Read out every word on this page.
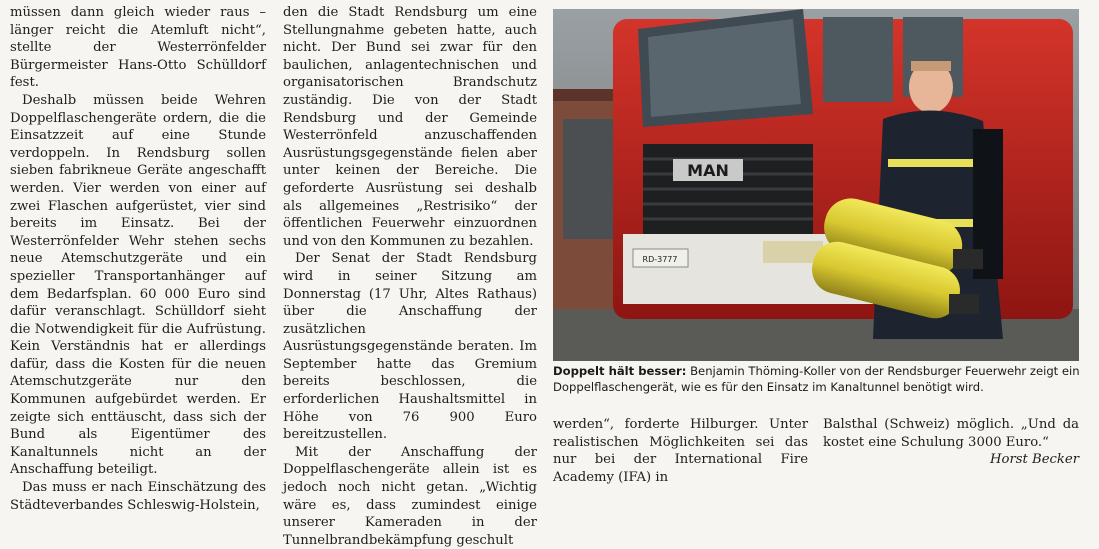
müssen dann gleich wieder raus – länger reicht die Atemluft nicht“, stellte der Westerrönfelder Bürgermeister Hans-Otto Schülldorf fest.

Deshalb müssen beide Wehren Doppelflaschengeräte ordern, die die Einsatzzeit auf eine Stunde verdoppeln. In Rendsburg sollen sieben fabrikneue Geräte angeschafft werden. Vier werden von einer auf zwei Flaschen aufgerüstet, vier sind bereits im Einsatz. Bei der Westerrönfelder Wehr stehen sechs neue Atemschutzgeräte und ein spezieller Transportanhänger auf dem Bedarfsplan. 60 000 Euro sind dafür veranschlagt. Schülldorf sieht die Notwendigkeit für die Aufrüstung. Kein Verständnis hat er allerdings dafür, dass die Kosten für die neuen Atemschutzgeräte nur den Kommunen aufgebürdet werden. Er zeigte sich enttäuscht, dass sich der Bund als Eigentümer des Kanaltunnels nicht an der Anschaffung beteiligt.

Das muss er nach Einschätzung des Städteverbandes Schleswig-Holstein,

den die Stadt Rendsburg um eine Stellungnahme gebeten hatte, auch nicht. Der Bund sei zwar für den baulichen, anlagentechnischen und organisatorischen Brandschutz zuständig. Die von der Stadt Rendsburg und der Gemeinde Westerrönfeld anzuschaffenden Ausrüstungsgegenstände fielen aber unter keinen der Bereiche. Die geforderte Ausrüstung sei deshalb als allgemeines „Restrisiko“ der öffentlichen Feuerwehr einzuordnen und von den Kommunen zu bezahlen.

Der Senat der Stadt Rendsburg wird in seiner Sitzung am Donnerstag (17 Uhr, Altes Rathaus) über die Anschaffung der zusätzlichen Ausrüstungsgegenstände beraten. Im September hatte das Gremium bereits beschlossen, die erforderlichen Haushaltsmittel in Höhe von 76 900 Euro bereitzustellen.

Mit der Anschaffung der Doppelflaschengeräte allein ist es jedoch noch nicht getan. „Wichtig wäre es, dass zumindest einige unserer Kameraden in der Tunnelbrandbekämpfung geschult

MAN
RD-3777
Doppelt hält besser: Benjamin Thöming-Koller von der Rendsburger Feuerwehr zeigt ein Doppelflaschengerät, wie es für den Einsatz im Kanaltunnel benötigt wird.
werden“, forderte Hilburger. Unter realistischen Möglichkeiten sei das nur bei der International Fire Academy (IFA) in
Balsthal (Schweiz) möglich. „Und da kostet eine Schulung 3000 Euro.“
Horst Becker
